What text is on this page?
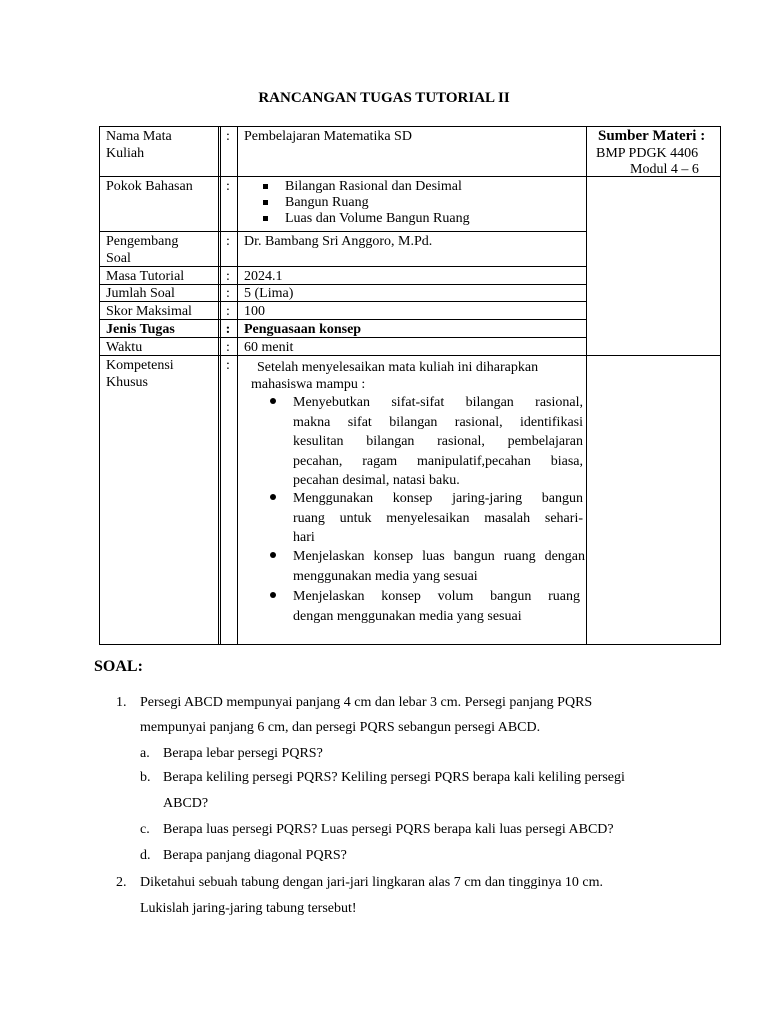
RANCANGAN TUGAS TUTORIAL II
Nama Mata
Kuliah
: Pembelajaran Matematika SD	Sumber Materi :
BMP PDGK 4406
Modul 4 – 6
Pokok Bahasan :	Bilangan Rasional dan Desimal
Bangun Ruang
Luas dan Volume Bangun Ruang
Pengembang
Soal
: Dr. Bambang Sri Anggoro, M.Pd.
Masa Tutorial	: 2024.1
Jumlah Soal	: 5 (Lima)
Skor Maksimal : 100
Jenis Tugas	: Penguasaan konsep
Waktu	: 60 menit
Kompetensi
Khusus
: Setelah menyelesaikan mata kuliah ini diharapkan
mahasiswa mampu :
Menyebutkan sifat-sifat bilangan rasional,
makna sifat bilangan rasional, identifikasi
kesulitan bilangan rasional, pembelajaran
pecahan, ragam manipulatif,pecahan biasa,
pecahan desimal, natasi baku.
Menggunakan konsep jaring-jaring bangun
ruang untuk menyelesaikan masalah sehari-
hari
Menjelaskan konsep luas bangun ruang dengan
menggunakan media yang sesuai
Menjelaskan konsep volum bangun ruang
dengan menggunakan media yang sesuai
SOAL:
1. Persegi ABCD mempunyai panjang 4 cm dan lebar 3 cm. Persegi panjang PQRS
mempunyai panjang 6 cm, dan persegi PQRS sebangun persegi ABCD.
a. Berapa lebar persegi PQRS?
b. Berapa keliling persegi PQRS? Keliling persegi PQRS berapa kali keliling persegi
ABCD?
c. Berapa luas persegi PQRS? Luas persegi PQRS berapa kali luas persegi ABCD?
d. Berapa panjang diagonal PQRS?
2. Diketahui sebuah tabung dengan jari-jari lingkaran alas 7 cm dan tingginya 10 cm.
Lukislah jaring-jaring tabung tersebut!
